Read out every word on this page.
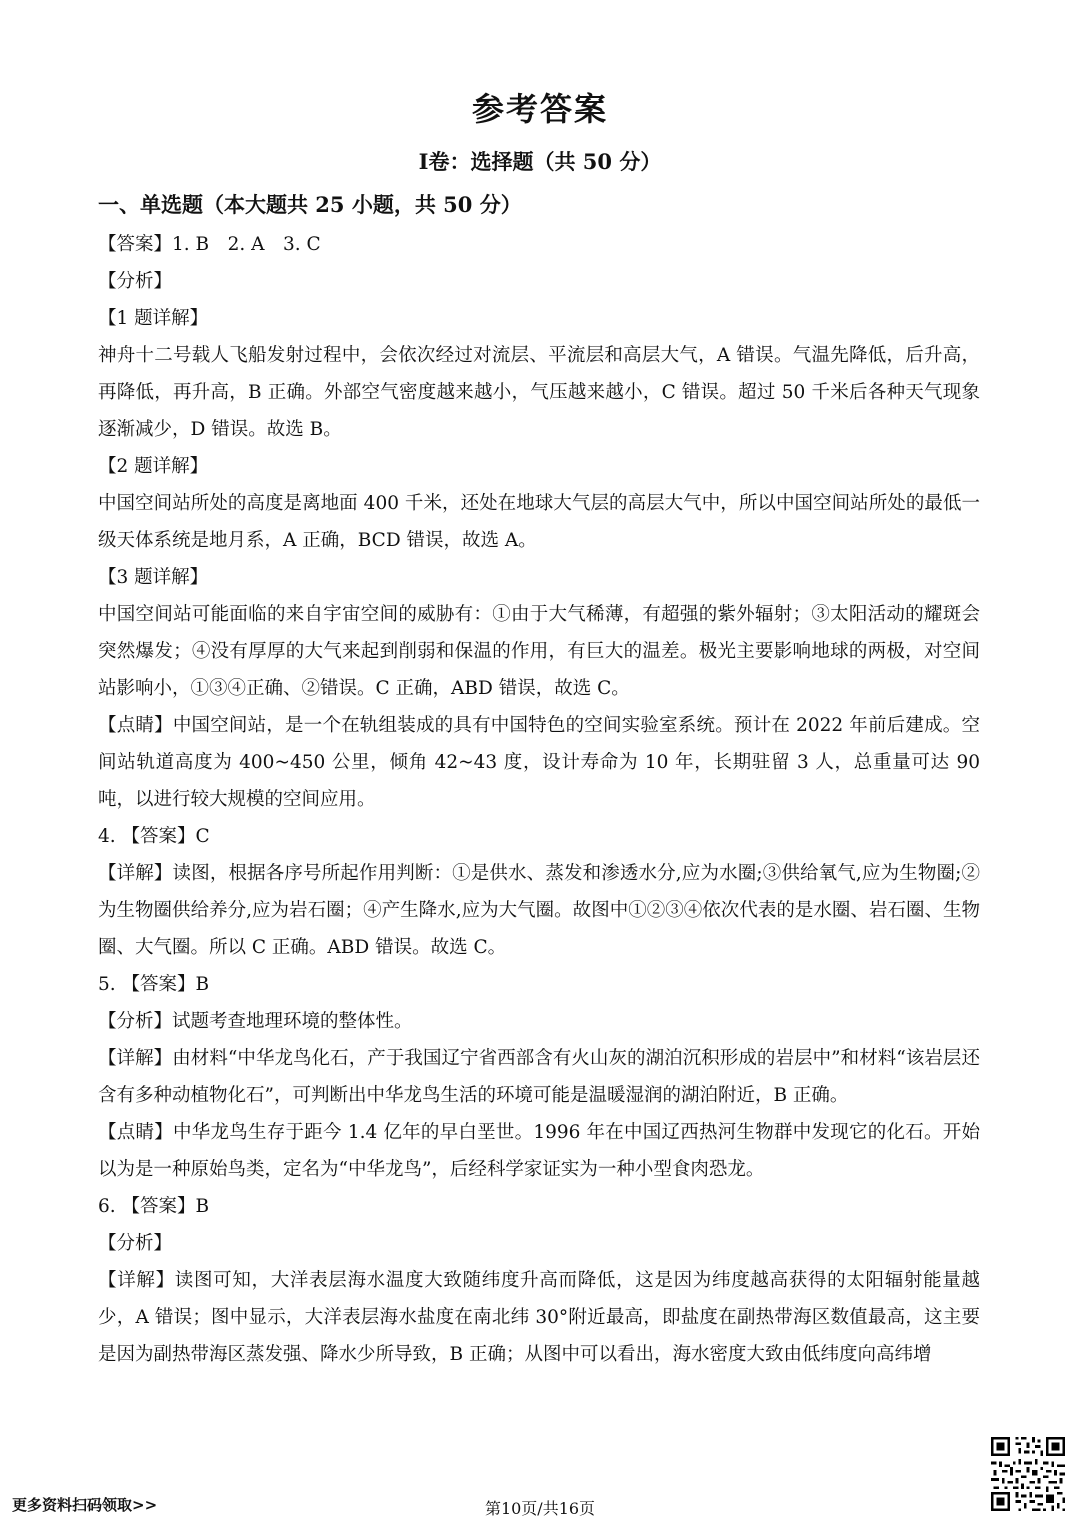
参考答案
I卷：选择题（共 50 分）
一、单选题（本大题共 25 小题，共 50 分）

【答案】1. B　2. A　3. C

【分析】

【1 题详解】

神舟十二号载人飞船发射过程中，会依次经过对流层、平流层和高层大气，A 错误。气温先降低，后升高，再降低，再升高，B 正确。外部空气密度越来越小，气压越来越小，C 错误。超过 50 千米后各种天气现象逐渐减少，D 错误。故选 B。

【2 题详解】

中国空间站所处的高度是离地面 400 千米，还处在地球大气层的高层大气中，所以中国空间站所处的最低一级天体系统是地月系，A 正确，BCD 错误，故选 A。

【3 题详解】

中国空间站可能面临的来自宇宙空间的威胁有：①由于大气稀薄，有超强的紫外辐射；③太阳活动的耀斑会突然爆发；④没有厚厚的大气来起到削弱和保温的作用，有巨大的温差。极光主要影响地球的两极，对空间站影响小，①③④正确、②错误。C 正确，ABD 错误，故选 C。

【点睛】中国空间站，是一个在轨组装成的具有中国特色的空间实验室系统。预计在 2022 年前后建成。空间站轨道高度为 400~450 公里，倾角 42~43 度，设计寿命为 10 年，长期驻留 3 人，总重量可达 90 吨，以进行较大规模的空间应用。

4. 【答案】C

【详解】读图，根据各序号所起作用判断：①是供水、蒸发和渗透水分,应为水圈;③供给氧气,应为生物圈;②为生物圈供给养分,应为岩石圈；④产生降水,应为大气圈。故图中①②③④依次代表的是水圈、岩石圈、生物圈、大气圈。所以 C 正确。ABD 错误。故选 C。

5. 【答案】B

【分析】试题考查地理环境的整体性。

【详解】由材料“中华龙鸟化石，产于我国辽宁省西部含有火山灰的湖泊沉积形成的岩层中”和材料“该岩层还含有多种动植物化石”，可判断出中华龙鸟生活的环境可能是温暖湿润的湖泊附近，B 正确。

【点睛】中华龙鸟生存于距今 1.4 亿年的早白垩世。1996 年在中国辽西热河生物群中发现它的化石。开始以为是一种原始鸟类，定名为“中华龙鸟”，后经科学家证实为一种小型食肉恐龙。

6. 【答案】B

【分析】

【详解】读图可知，大洋表层海水温度大致随纬度升高而降低，这是因为纬度越高获得的太阳辐射能量越少，A 错误；图中显示，大洋表层海水盐度在南北纬 30°附近最高，即盐度在副热带海区数值最高，这主要是因为副热带海区蒸发强、降水少所导致，B 正确；从图中可以看出，海水密度大致由低纬度向高纬增

更多资料扫码领取>>	第10页/共16页
